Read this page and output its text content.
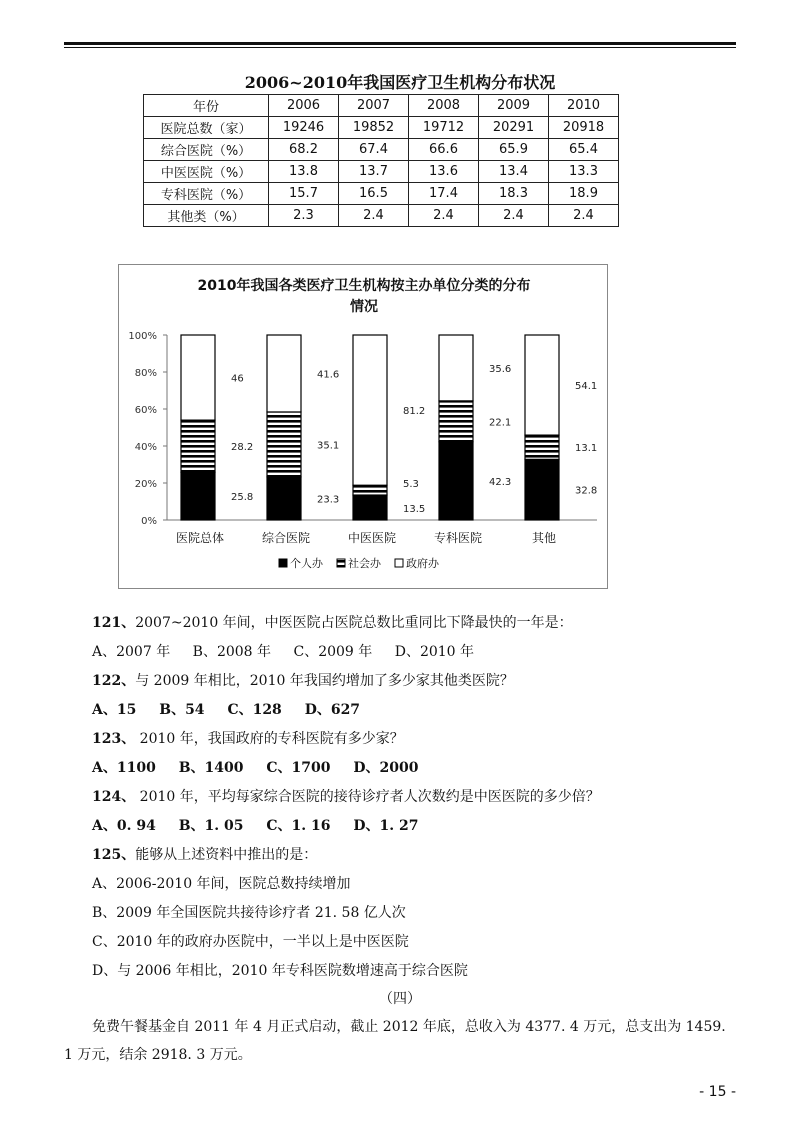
2006~2010年我国医疗卫生机构分布状况
年份	2006	2007	2008	2009	2010
医院总数（家）	19246	19852	19712	20291	20918
综合医院（%）	68.2	67.4	66.6	65.9	65.4
中医医院（%）	13.8	13.7	13.6	13.4	13.3
专科医院（%）	15.7	16.5	17.4	18.3	18.9
其他类（%）	2.3	2.4	2.4	2.4	2.4
2010年我国各类医疗卫生机构按主办单位分类的分布
情况
0%
20%
40%
60%
80%
100%
25.8
28.2
46
医院总体
23.3
35.1
41.6
综合医院
13.5
5.3
81.2
中医医院
42.3
22.1
35.6
专科医院
32.8
13.1
54.1
其他
个人办 社会办 政府办
121、2007~2010 年间，中医医院占医院总数比重同比下降最快的一年是：
A、2007 年 B、2008 年 C、2009 年 D、2010 年
122、与 2009 年相比，2010 年我国约增加了多少家其他类医院？
A、15 B、54 C、128 D、627
123、 2010 年，我国政府的专科医院有多少家？
A、1100 B、1400 C、1700 D、2000
124、 2010 年，平均每家综合医院的接待诊疗者人次数约是中医医院的多少倍？
A、0. 94 B、1. 05 C、1. 16 D、1. 27
125、能够从上述资料中推出的是：
A、2006-2010 年间，医院总数持续增加
B、2009 年全国医院共接待诊疗者 21. 58 亿人次
C、2010 年的政府办医院中，一半以上是中医医院
D、与 2006 年相比，2010 年专科医院数增速高于综合医院
（四）
免费午餐基金自 2011 年 4 月正式启动，截止 2012 年底，总收入为 4377. 4 万元，总支出为 1459. 1 万元，结余 2918. 3 万元。
- 15 -
